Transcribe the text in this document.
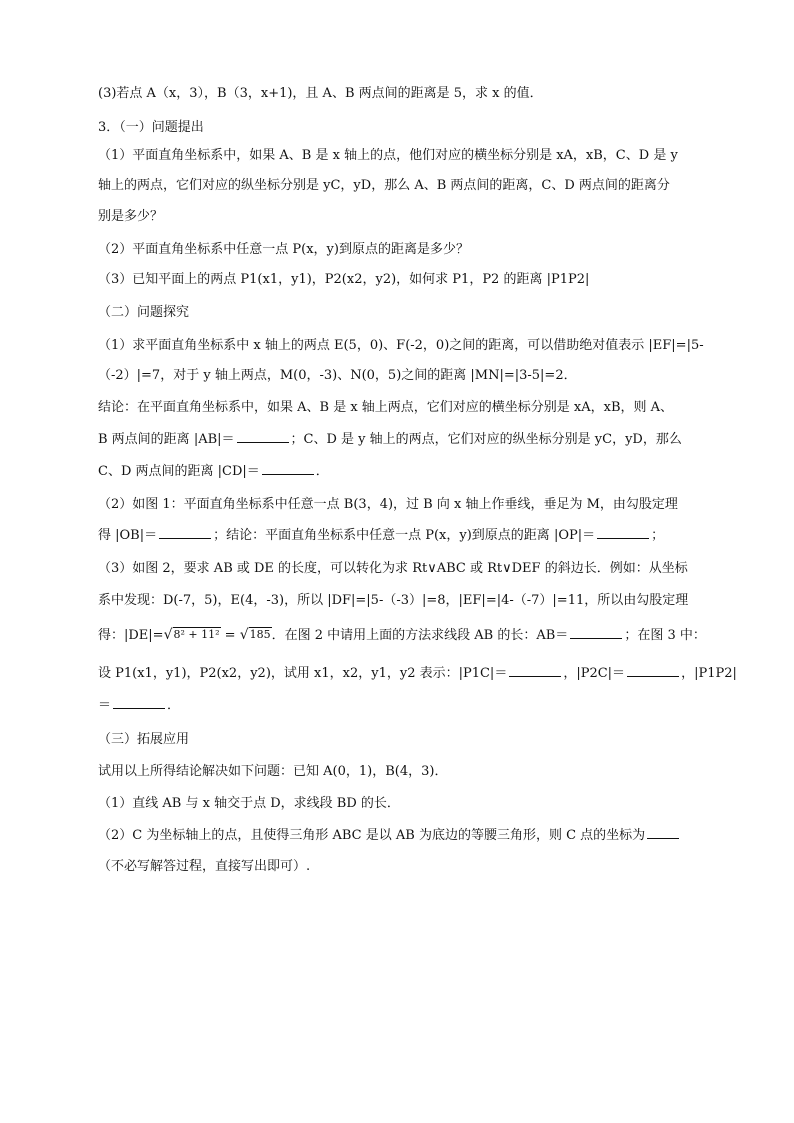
(3)若点 A（x，3），B（3，x+1)，且 A、B 两点间的距离是 5，求 x 的值．
3．（一）问题提出
（1）平面直角坐标系中，如果 A、B 是 x 轴上的点，他们对应的横坐标分别是 xA，xB，C、D 是 y
轴上的两点，它们对应的纵坐标分别是 yC，yD，那么 A、B 两点间的距离，C、D 两点间的距离分
别是多少？
（2）平面直角坐标系中任意一点 P(x，y)到原点的距离是多少？
（3）已知平面上的两点 P1(x1，y1)，P2(x2，y2)，如何求 P1，P2 的距离 |P1P2|
（二）问题探究
（1）求平面直角坐标系中 x 轴上的两点 E(5，0)、F(-2，0)之间的距离，可以借助绝对值表示 |EF|=|5-
（-2）|=7，对于 y 轴上两点，M(0，-3)、N(0，5)之间的距离 |MN|=|3-5|=2．
结论：在平面直角坐标系中，如果 A、B 是 x 轴上两点，它们对应的横坐标分别是 xA，xB，则 A、
B 两点间的距离 |AB|＝	；C、D 是 y 轴上的两点，它们对应的纵坐标分别是 yC，yD，那么
C、D 两点间的距离 |CD|＝	．
（2）如图 1：平面直角坐标系中任意一点 B(3，4)，过 B 向 x 轴上作垂线，垂足为 M，由勾股定理
得 |OB|＝	；结论：平面直角坐标系中任意一点 P(x，y)到原点的距离 |OP|＝	；
（3）如图 2，要求 AB 或 DE 的长度，可以转化为求 Rt∨ABC 或 Rt∨DEF 的斜边长．例如：从坐标
系中发现：D(-7，5)，E(4，-3)，所以 |DF|=|5-（-3）|=8，|EF|=|4-（-7）|=11，所以由勾股定理
得：|DE|= √ 8² + 11² = √ 185 ．在图 2 中请用上面的方法求线段 AB 的长：AB＝	；在图 3 中：
设 P1(x1，y1)，P2(x2，y2)，试用 x1，x2，y1，y2 表示：|P1C|＝	，|P2C|＝	，|P1P2|
＝	．
（三）拓展应用
试用以上所得结论解决如下问题：已知 A(0，1)，B(4，3)．
（1）直线 AB 与 x 轴交于点 D，求线段 BD 的长．
（2）C 为坐标轴上的点，且使得三角形 ABC 是以 AB 为底边的等腰三角形，则 C 点的坐标为
（不必写解答过程，直接写出即可）.
